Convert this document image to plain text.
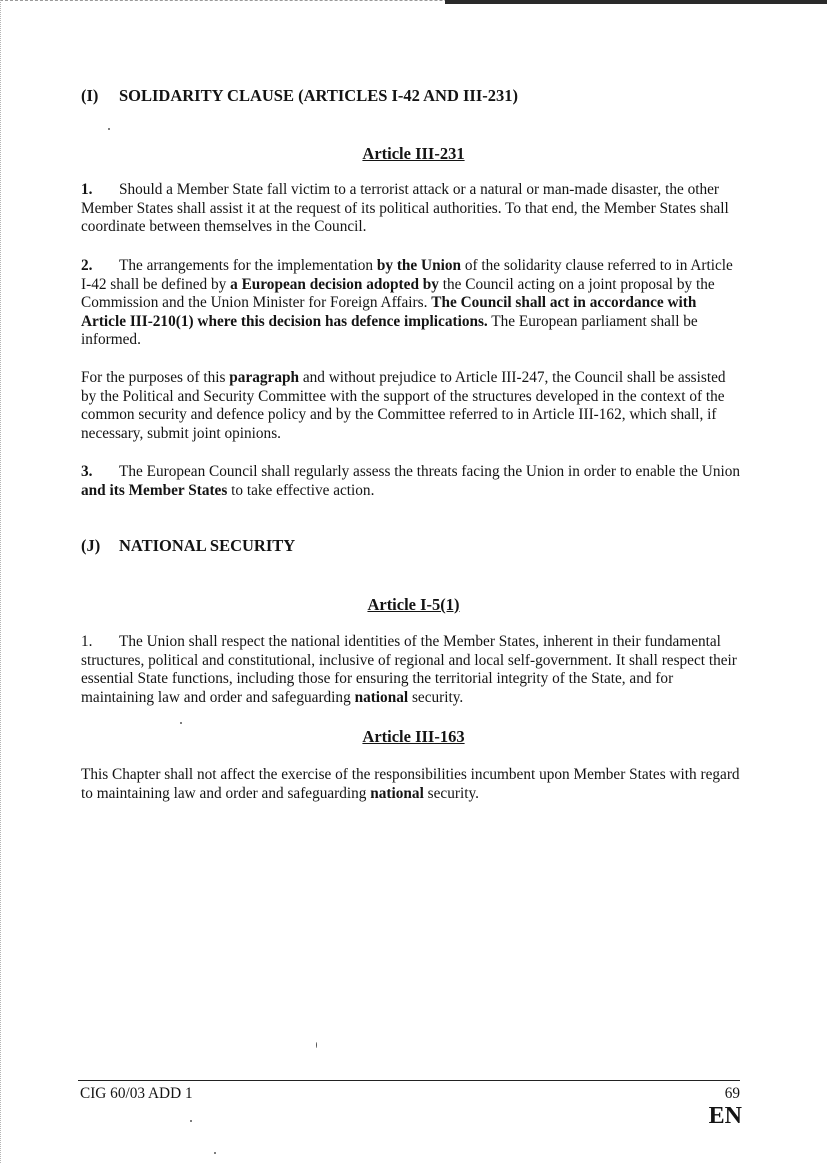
(I) SOLIDARITY CLAUSE (ARTICLES I-42 AND III-231)
Article III-231

1. Should a Member State fall victim to a terrorist attack or a natural or man-made disaster, the other Member States shall assist it at the request of its political authorities. To that end, the Member States shall coordinate between themselves in the Council.

2. The arrangements for the implementation by the Union of the solidarity clause referred to in Article I-42 shall be defined by a European decision adopted by the Council acting on a joint proposal by the Commission and the Union Minister for Foreign Affairs. The Council shall act in accordance with Article III-210(1) where this decision has defence implications. The European parliament shall be informed.

For the purposes of this paragraph and without prejudice to Article III-247, the Council shall be assisted by the Political and Security Committee with the support of the structures developed in the context of the common security and defence policy and by the Committee referred to in Article III-162, which shall, if necessary, submit joint opinions.

3. The European Council shall regularly assess the threats facing the Union in order to enable the Union and its Member States to take effective action.

(J) NATIONAL SECURITY
Article I-5(1)

1. The Union shall respect the national identities of the Member States, inherent in their fundamental structures, political and constitutional, inclusive of regional and local self-government. It shall respect their essential State functions, including those for ensuring the territorial integrity of the State, and for maintaining law and order and safeguarding national security.

Article III-163

This Chapter shall not affect the exercise of the responsibilities incumbent upon Member States with regard to maintaining law and order and safeguarding national security.

CIG 60/03 ADD 1	69

EN
